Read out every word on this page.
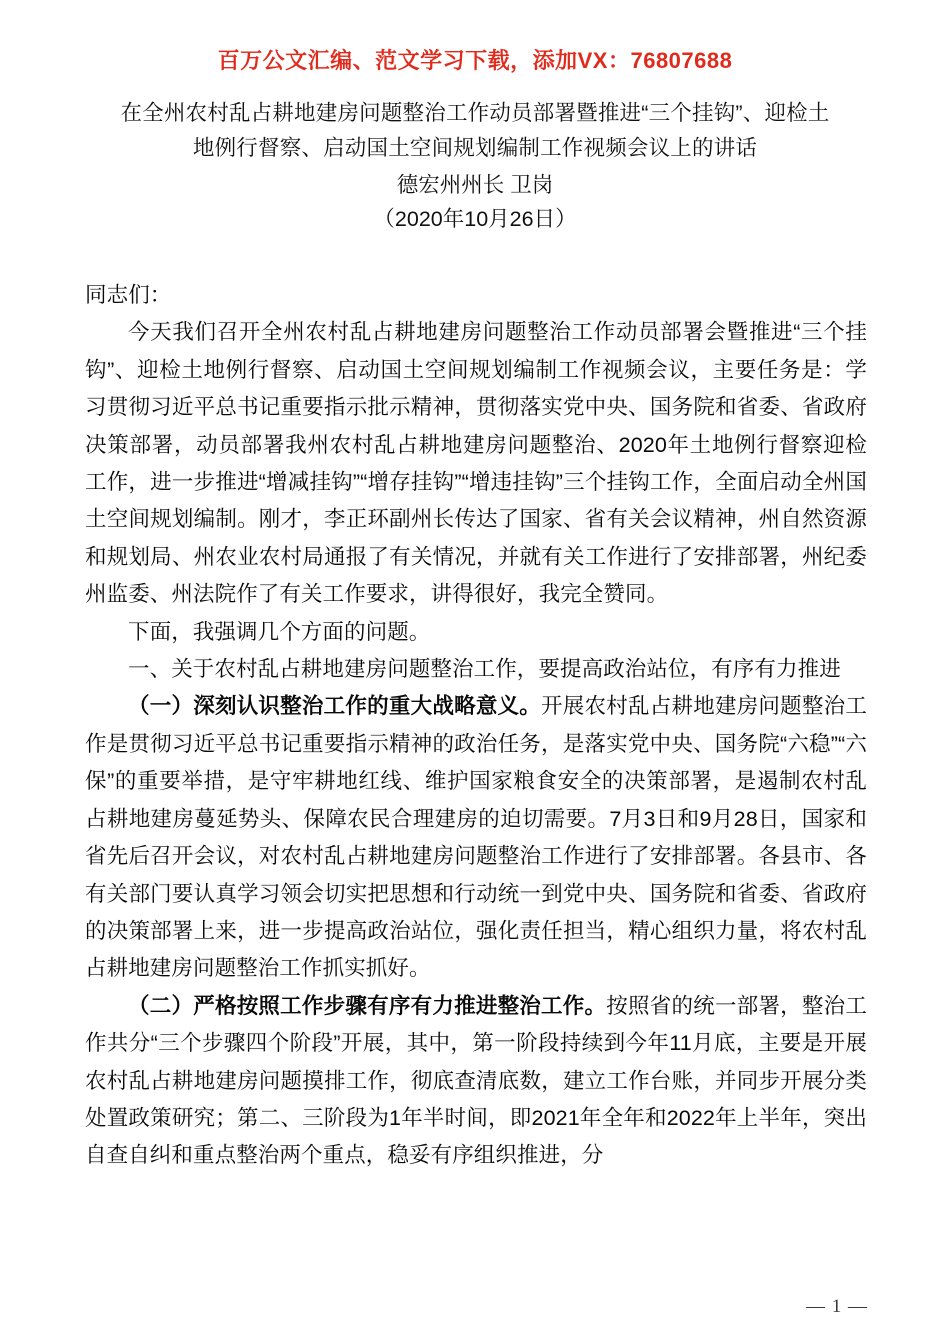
百万公文汇编、范文学习下载，添加VX：76807688
在全州农村乱占耕地建房问题整治工作动员部署暨推进“三个挂钩”、迎检土
地例行督察、启动国土空间规划编制工作视频会议上的讲话
德宏州州长 卫岗
（2020年10月26日）

同志们：

今天我们召开全州农村乱占耕地建房问题整治工作动员部署会暨推进“三个挂钩”、迎检土地例行督察、启动国土空间规划编制工作视频会议，主要任务是：学习贯彻习近平总书记重要指示批示精神，贯彻落实党中央、国务院和省委、省政府决策部署，动员部署我州农村乱占耕地建房问题整治、2020年土地例行督察迎检工作，进一步推进“增减挂钩”“增存挂钩”“增违挂钩”三个挂钩工作，全面启动全州国土空间规划编制。刚才，李正环副州长传达了国家、省有关会议精神，州自然资源和规划局、州农业农村局通报了有关情况，并就有关工作进行了安排部署，州纪委州监委、州法院作了有关工作要求，讲得很好，我完全赞同。

下面，我强调几个方面的问题。

一、关于农村乱占耕地建房问题整治工作，要提高政治站位，有序有力推进

（一）深刻认识整治工作的重大战略意义。开展农村乱占耕地建房问题整治工作是贯彻习近平总书记重要指示精神的政治任务，是落实党中央、国务院“六稳”“六保”的重要举措，是守牢耕地红线、维护国家粮食安全的决策部署，是遏制农村乱占耕地建房蔓延势头、保障农民合理建房的迫切需要。7月3日和9月28日，国家和省先后召开会议，对农村乱占耕地建房问题整治工作进行了安排部署。各县市、各有关部门要认真学习领会切实把思想和行动统一到党中央、国务院和省委、省政府的决策部署上来，进一步提高政治站位，强化责任担当，精心组织力量，将农村乱占耕地建房问题整治工作抓实抓好。

（二）严格按照工作步骤有序有力推进整治工作。按照省的统一部署，整治工作共分“三个步骤四个阶段”开展，其中，第一阶段持续到今年11月底，主要是开展农村乱占耕地建房问题摸排工作，彻底查清底数，建立工作台账，并同步开展分类处置政策研究；第二、三阶段为1年半时间，即2021年全年和2022年上半年，突出自查自纠和重点整治两个重点，稳妥有序组织推进，分

— 1 —
